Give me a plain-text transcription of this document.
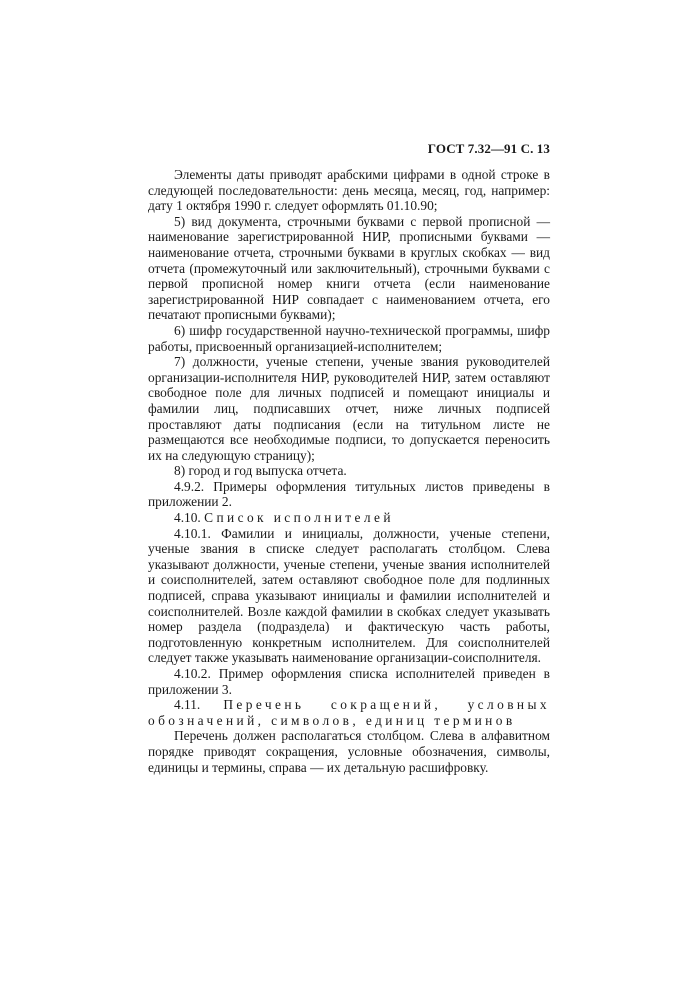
ГОСТ 7.32—91 С. 13

Элементы даты приводят арабскими цифрами в одной строке в следующей последовательности: день месяца, месяц, год, например: дату 1 октября 1990 г. следует оформлять 01.10.90;

5) вид документа, строчными буквами с первой прописной — наименование зарегистрированной НИР, прописными буквами — наименование отчета, строчными буквами в круглых скобках — вид отчета (промежуточный или заключительный), строчными буквами с первой прописной номер книги отчета (если наименование зарегистрированной НИР совпадает с наименованием отчета, его печатают прописными буквами);

6) шифр государственной научно-технической программы, шифр работы, присвоенный организацией-исполнителем;

7) должности, ученые степени, ученые звания руководителей организации-исполнителя НИР, руководителей НИР, затем оставляют свободное поле для личных подписей и помещают инициалы и фамилии лиц, подписавших отчет, ниже личных подписей проставляют даты подписания (если на титульном листе не размещаются все необходимые подписи, то допускается переносить их на следующую страницу);

8) город и год выпуска отчета.

4.9.2. Примеры оформления титульных листов приведены в приложении 2.

4.10. Список исполнителей

4.10.1. Фамилии и инициалы, должности, ученые степени, ученые звания в списке следует располагать столбцом. Слева указывают должности, ученые степени, ученые звания исполнителей и соисполнителей, затем оставляют свободное поле для подлинных подписей, справа указывают инициалы и фамилии исполнителей и соисполнителей. Возле каждой фамилии в скобках следует указывать номер раздела (подраздела) и фактическую часть работы, подготовленную конкретным исполнителем. Для соисполнителей следует также указывать наименование организации-соисполнителя.

4.10.2. Пример оформления списка исполнителей приведен в приложении 3.

4.11. Перечень сокращений, условных обозначений, символов, единиц терминов

Перечень должен располагаться столбцом. Слева в алфавитном порядке приводят сокращения, условные обозначения, символы, единицы и термины, справа — их детальную расшифровку.
